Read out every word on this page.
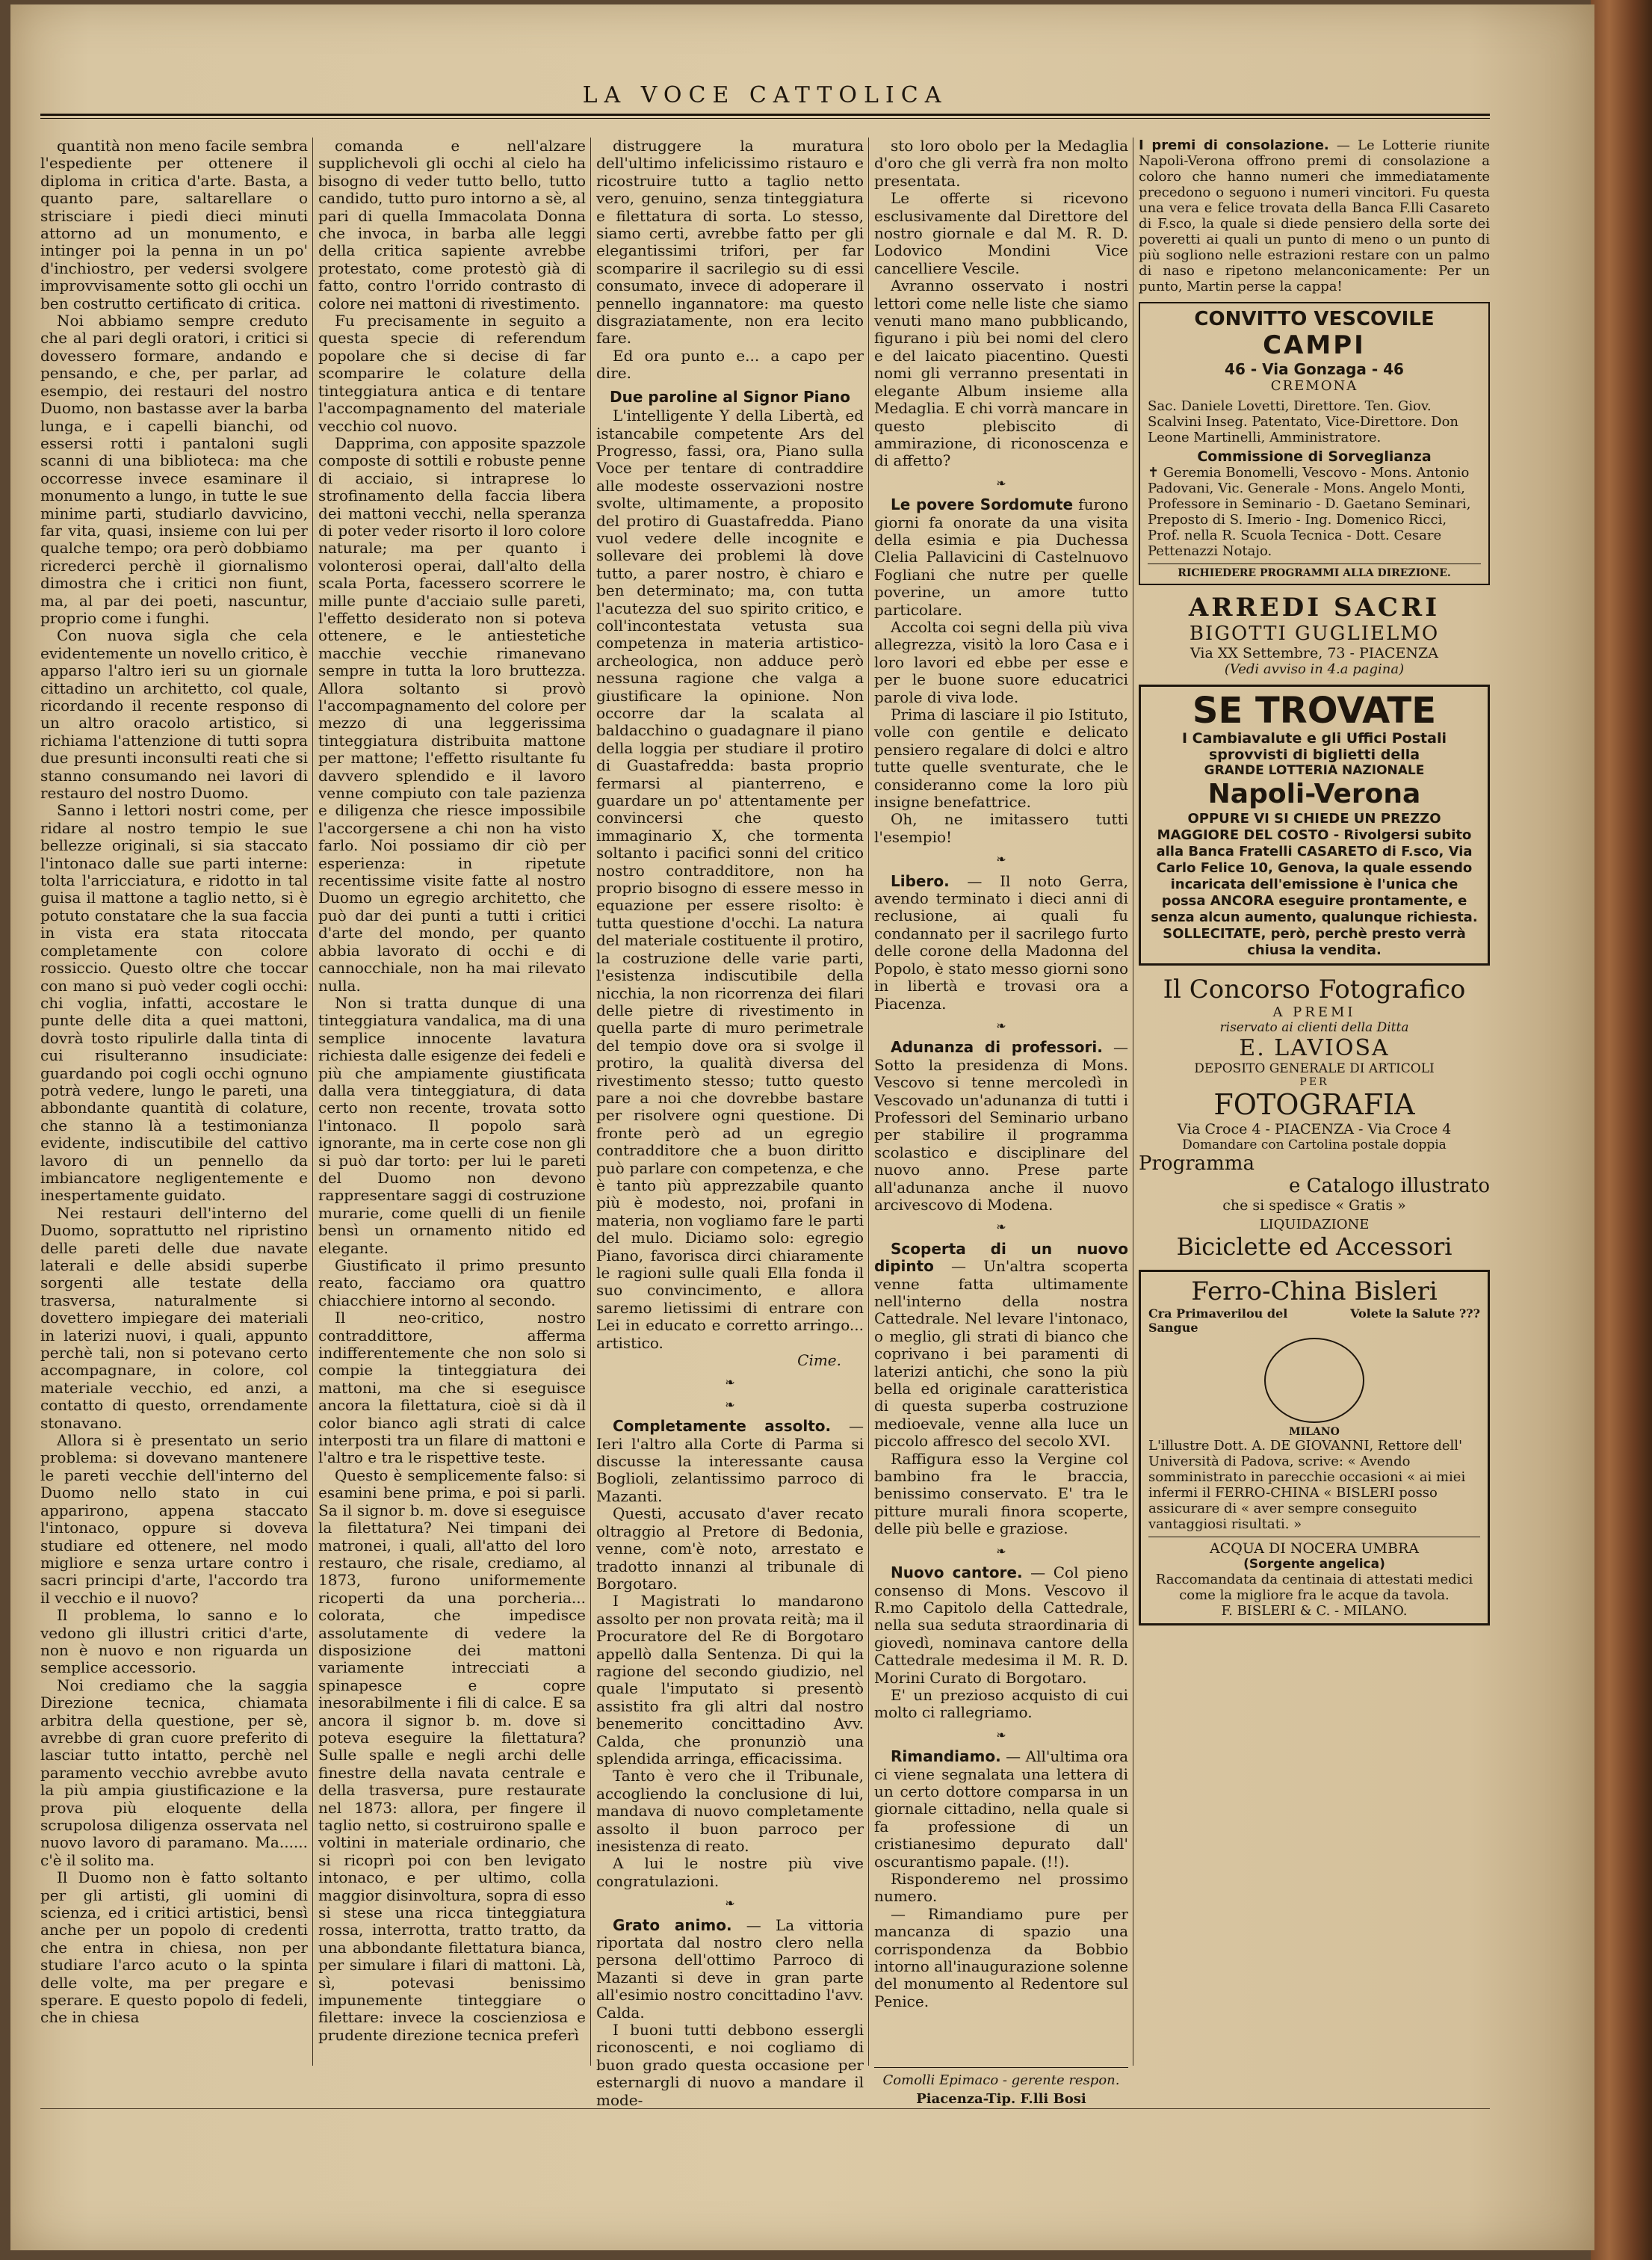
LA VOCE CATTOLICA

quantità non meno facile sembra l'espediente per ottenere il diploma in critica d'arte. Basta, a quanto pare, saltarellare o strisciare i piedi dieci minuti attorno ad un monumento, e intinger poi la penna in un po' d'inchiostro, per vedersi svolgere improvvisamente sotto gli occhi un ben costrutto certificato di critica.

Noi abbiamo sempre creduto che al pari degli oratori, i critici si dovessero formare, andando e pensando, e che, per parlar, ad esempio, dei restauri del nostro Duomo, non bastasse aver la barba lunga, e i capelli bianchi, od essersi rotti i pantaloni sugli scanni di una biblioteca: ma che occorresse invece esaminare il monumento a lungo, in tutte le sue minime parti, studiarlo davvicino, far vita, quasi, insieme con lui per qualche tempo; ora però dobbiamo ricrederci perchè il giornalismo dimostra che i critici non fiunt, ma, al par dei poeti, nascuntur, proprio come i funghi.

Con nuova sigla che cela evidentemente un novello critico, è apparso l'altro ieri su un giornale cittadino un architetto, col quale, ricordando il recente responso di un altro oracolo artistico, si richiama l'attenzione di tutti sopra due presunti inconsulti reati che si stanno consumando nei lavori di restauro del nostro Duomo.

Sanno i lettori nostri come, per ridare al nostro tempio le sue bellezze originali, si sia staccato l'intonaco dalle sue parti interne: tolta l'arricciatura, e ridotto in tal guisa il mattone a taglio netto, si è potuto constatare che la sua faccia in vista era stata ritoccata completamente con colore rossiccio. Questo oltre che toccar con mano si può veder cogli occhi: chi voglia, infatti, accostare le punte delle dita a quei mattoni, dovrà tosto ripulirle dalla tinta di cui risulteranno insudiciate: guardando poi cogli occhi ognuno potrà vedere, lungo le pareti, una abbondante quantità di colature, che stanno là a testimonianza evidente, indiscutibile del cattivo lavoro di un pennello da imbiancatore negligentemente e inespertamente guidato.

Nei restauri dell'interno del Duomo, soprattutto nel ripristino delle pareti delle due navate laterali e delle absidi superbe sorgenti alle testate della trasversa, naturalmente si dovettero impiegare dei materiali in laterizi nuovi, i quali, appunto perchè tali, non si potevano certo accompagnare, in colore, col materiale vecchio, ed anzi, a contatto di questo, orrendamente stonavano.

Allora si è presentato un serio problema: si dovevano mantenere le pareti vecchie dell'interno del Duomo nello stato in cui apparirono, appena staccato l'intonaco, oppure si doveva studiare ed ottenere, nel modo migliore e senza urtare contro i sacri principi d'arte, l'accordo tra il vecchio e il nuovo?

Il problema, lo sanno e lo vedono gli illustri critici d'arte, non è nuovo e non riguarda un semplice accessorio.

Noi crediamo che la saggia Direzione tecnica, chiamata arbitra della questione, per sè, avrebbe di gran cuore preferito di lasciar tutto intatto, perchè nel paramento vecchio avrebbe avuto la più ampia giustificazione e la prova più eloquente della scrupolosa diligenza osservata nel nuovo lavoro di paramano. Ma...... c'è il solito ma.

Il Duomo non è fatto soltanto per gli artisti, gli uomini di scienza, ed i critici artistici, bensì anche per un popolo di credenti che entra in chiesa, non per studiare l'arco acuto o la spinta delle volte, ma per pregare e sperare. E questo popolo di fedeli, che in chiesa

comanda e nell'alzare supplichevoli gli occhi al cielo ha bisogno di veder tutto bello, tutto candido, tutto puro intorno a sè, al pari di quella Immacolata Donna che invoca, in barba alle leggi della critica sapiente avrebbe protestato, come protestò già di fatto, contro l'orrido contrasto di colore nei mattoni di rivestimento.

Fu precisamente in seguito a questa specie di referendum popolare che si decise di far scomparire le colature della tinteggiatura antica e di tentare l'accompagnamento del materiale vecchio col nuovo.

Dapprima, con apposite spazzole composte di sottili e robuste penne di acciaio, si intraprese lo strofinamento della faccia libera dei mattoni vecchi, nella speranza di poter veder risorto il loro colore naturale; ma per quanto i volonterosi operai, dall'alto della scala Porta, facessero scorrere le mille punte d'acciaio sulle pareti, l'effetto desiderato non si poteva ottenere, e le antiestetiche macchie vecchie rimanevano sempre in tutta la loro bruttezza. Allora soltanto si provò l'accompagnamento del colore per mezzo di una leggerissima tinteggiatura distribuita mattone per mattone; l'effetto risultante fu davvero splendido e il lavoro venne compiuto con tale pazienza e diligenza che riesce impossibile l'accorgersene a chi non ha visto farlo. Noi possiamo dir ciò per esperienza: in ripetute recentissime visite fatte al nostro Duomo un egregio architetto, che può dar dei punti a tutti i critici d'arte del mondo, per quanto abbia lavorato di occhi e di cannocchiale, non ha mai rilevato nulla.

Non si tratta dunque di una tinteggiatura vandalica, ma di una semplice innocente lavatura richiesta dalle esigenze dei fedeli e più che ampiamente giustificata dalla vera tinteggiatura, di data certo non recente, trovata sotto l'intonaco. Il popolo sarà ignorante, ma in certe cose non gli si può dar torto: per lui le pareti del Duomo non devono rappresentare saggi di costruzione murarie, come quelli di un fienile bensì un ornamento nitido ed elegante.

Giustificato il primo presunto reato, facciamo ora quattro chiacchiere intorno al secondo.

Il neo-critico, nostro contraddittore, afferma indifferentemente che non solo si compie la tinteggiatura dei mattoni, ma che si eseguisce ancora la filettatura, cioè si dà il color bianco agli strati di calce interposti tra un filare di mattoni e l'altro e tra le rispettive teste.

Questo è semplicemente falso: si esamini bene prima, e poi si parli. Sa il signor b. m. dove si eseguisce la filettatura? Nei timpani dei matronei, i quali, all'atto del loro restauro, che risale, crediamo, al 1873, furono uniformemente ricoperti da una porcheria... colorata, che impedisce assolutamente di vedere la disposizione dei mattoni variamente intrecciati a spinapesce e copre inesorabilmente i fili di calce. E sa ancora il signor b. m. dove si poteva eseguire la filettatura? Sulle spalle e negli archi delle finestre della navata centrale e della trasversa, pure restaurate nel 1873: allora, per fingere il taglio netto, si costruirono spalle e voltini in materiale ordinario, che si ricoprì poi con ben levigato intonaco, e per ultimo, colla maggior disinvoltura, sopra di esso si stese una ricca tinteggiatura rossa, interrotta, tratto tratto, da una abbondante filettatura bianca, per simulare i filari di mattoni. Là, sì, potevasi benissimo impunemente tinteggiare o filettare: invece la coscienziosa e prudente direzione tecnica preferì

distruggere la muratura dell'ultimo infelicissimo ristauro e ricostruire tutto a taglio netto vero, genuino, senza tinteggiatura e filettatura di sorta. Lo stesso, siamo certi, avrebbe fatto per gli elegantissimi trifori, per far scomparire il sacrilegio su di essi consumato, invece di adoperare il pennello ingannatore: ma questo disgraziatamente, non era lecito fare.

Ed ora punto e... a capo per dire.

Due paroline al Signor Piano

L'intelligente Y della Libertà, ed istancabile competente Ars del Progresso, fassi, ora, Piano sulla Voce per tentare di contraddire alle modeste osservazioni nostre svolte, ultimamente, a proposito del protiro di Guastafredda. Piano vuol vedere delle incognite e sollevare dei problemi là dove tutto, a parer nostro, è chiaro e ben determinato; ma, con tutta l'acutezza del suo spirito critico, e coll'incontestata vetusta sua competenza in materia artistico-archeologica, non adduce però nessuna ragione che valga a giustificare la opinione. Non occorre dar la scalata al baldacchino o guadagnare il piano della loggia per studiare il protiro di Guastafredda: basta proprio fermarsi al pianterreno, e guardare un po' attentamente per convincersi che questo immaginario X, che tormenta soltanto i pacifici sonni del critico nostro contradditore, non ha proprio bisogno di essere messo in equazione per essere risolto: è tutta questione d'occhi. La natura del materiale costituente il protiro, la costruzione delle varie parti, l'esistenza indiscutibile della nicchia, la non ricorrenza dei filari delle pietre di rivestimento in quella parte di muro perimetrale del tempio dove ora si svolge il protiro, la qualità diversa del rivestimento stesso; tutto questo pare a noi che dovrebbe bastare per risolvere ogni questione. Di fronte però ad un egregio contradditore che a buon diritto può parlare con competenza, e che è tanto più apprezzabile quanto più è modesto, noi, profani in materia, non vogliamo fare le parti del mulo. Diciamo solo: egregio Piano, favorisca dirci chiaramente le ragioni sulle quali Ella fonda il suo convincimento, e allora saremo lietissimi di entrare con Lei in educato e corretto arringo... artistico.

Cime.

❧
❧

Completamente assolto. — Ieri l'altro alla Corte di Parma si discusse la interessante causa Boglioli, zelantissimo parroco di Mazanti.

Questi, accusato d'aver recato oltraggio al Pretore di Bedonia, venne, com'è noto, arrestato e tradotto innanzi al tribunale di Borgotaro.

I Magistrati lo mandarono assolto per non provata reità; ma il Procuratore del Re di Borgotaro appellò dalla Sentenza. Di qui la ragione del secondo giudizio, nel quale l'imputato si presentò assistito fra gli altri dal nostro benemerito concittadino Avv. Calda, che pronunziò una splendida arringa, efficacissima.

Tanto è vero che il Tribunale, accogliendo la conclusione di lui, mandava di nuovo completamente assolto il buon parroco per inesistenza di reato.

A lui le nostre più vive congratulazioni.

❧

Grato animo. — La vittoria riportata dal nostro clero nella persona dell'ottimo Parroco di Mazanti si deve in gran parte all'esimio nostro concittadino l'avv. Calda.

I buoni tutti debbono essergli riconoscenti, e noi cogliamo di buon grado questa occasione per esternargli di nuovo a mandare il mode-

sto loro obolo per la Medaglia d'oro che gli verrà fra non molto presentata.

Le offerte si ricevono esclusivamente dal Direttore del nostro giornale e dal M. R. D. Lodovico Mondini Vice cancelliere Vescile.

Avranno osservato i nostri lettori come nelle liste che siamo venuti mano mano pubblicando, figurano i più bei nomi del clero e del laicato piacentino. Questi nomi gli verranno presentati in elegante Album insieme alla Medaglia. E chi vorrà mancare in questo plebiscito di ammirazione, di riconoscenza e di affetto?

❧

Le povere Sordomute furono giorni fa onorate da una visita della esimia e pia Duchessa Clelia Pallavicini di Castelnuovo Fogliani che nutre per quelle poverine, un amore tutto particolare.

Accolta coi segni della più viva allegrezza, visitò la loro Casa e i loro lavori ed ebbe per esse e per le buone suore educatrici parole di viva lode.

Prima di lasciare il pio Istituto, volle con gentile e delicato pensiero regalare di dolci e altro tutte quelle sventurate, che le consideranno come la loro più insigne benefattrice.

Oh, ne imitassero tutti l'esempio!

❧

Libero. — Il noto Gerra, avendo terminato i dieci anni di reclusione, ai quali fu condannato per il sacrilego furto delle corone della Madonna del Popolo, è stato messo giorni sono in libertà e trovasi ora a Piacenza.

❧

Adunanza di professori. — Sotto la presidenza di Mons. Vescovo si tenne mercoledì in Vescovado un'adunanza di tutti i Professori del Seminario urbano per stabilire il programma scolastico e disciplinare del nuovo anno. Prese parte all'adunanza anche il nuovo arcivescovo di Modena.

❧

Scoperta di un nuovo dipinto — Un'altra scoperta venne fatta ultimamente nell'interno della nostra Cattedrale. Nel levare l'intonaco, o meglio, gli strati di bianco che coprivano i bei paramenti di laterizi antichi, che sono la più bella ed originale caratteristica di questa superba costruzione medioevale, venne alla luce un piccolo affresco del secolo XVI.

Raffigura esso la Vergine col bambino fra le braccia, benissimo conservato. E' tra le pitture murali finora scoperte, delle più belle e graziose.

❧

Nuovo cantore. — Col pieno consenso di Mons. Vescovo il R.mo Capitolo della Cattedrale, nella sua seduta straordinaria di giovedì, nominava cantore della Cattedrale medesima il M. R. D. Morini Curato di Borgotaro.

E' un prezioso acquisto di cui molto ci rallegriamo.

❧

Rimandiamo. — All'ultima ora ci viene segnalata una lettera di un certo dottore comparsa in un giornale cittadino, nella quale si fa professione di un cristianesimo depurato dall' oscurantismo papale. (!!).

Risponderemo nel prossimo numero.

— Rimandiamo pure per mancanza di spazio una corrispondenza da Bobbio intorno all'inaugurazione solenne del monumento al Redentore sul Penice.

Comolli Epimaco - gerente respon.
Piacenza-Tip. F.lli Bosi

I premi di consolazione. — Le Lotterie riunite Napoli-Verona offrono premi di consolazione a coloro che hanno numeri che immediatamente precedono o seguono i numeri vincitori. Fu questa una vera e felice trovata della Banca F.lli Casareto di F.sco, la quale si diede pensiero della sorte dei poveretti ai quali un punto di meno o un punto di più sogliono nelle estrazioni restare con un palmo di naso e ripetono melanconicamente: Per un punto, Martin perse la cappa!

CONVITTO VESCOVILE
CAMPI
46 - Via Gonzaga - 46
CREMONA
Sac. Daniele Lovetti, Direttore. Ten. Giov. Scalvini Inseg. Patentato, Vice-Direttore. Don Leone Martinelli, Amministratore.
Commissione di Sorveglianza
✝ Geremia Bonomelli, Vescovo - Mons. Antonio Padovani, Vic. Generale - Mons. Angelo Monti, Professore in Seminario - D. Gaetano Seminari, Preposto di S. Imerio - Ing. Domenico Ricci, Prof. nella R. Scuola Tecnica - Dott. Cesare Pettenazzi Notajo.
RICHIEDERE PROGRAMMI ALLA DIREZIONE.
ARREDI SACRI
BIGOTTI GUGLIELMO
Via XX Settembre, 73 - PIACENZA
(Vedi avviso in 4.a pagina)
SE TROVATE
I Cambiavalute e gli Uffici Postali sprovvisti di biglietti della
GRANDE LOTTERIA NAZIONALE
Napoli-Verona
OPPURE VI SI CHIEDE UN PREZZO MAGGIORE DEL COSTO - Rivolgersi subito alla Banca Fratelli CASARETO di F.sco, Via Carlo Felice 10, Genova, la quale essendo incaricata dell'emissione è l'unica che possa ANCORA eseguire prontamente, e senza alcun aumento, qualunque richiesta. SOLLECITATE, però, perchè presto verrà chiusa la vendita.
Il Concorso Fotografico
A PREMI
riservato ai clienti della Ditta
E. LAVIOSA
DEPOSITO GENERALE DI ARTICOLI
PER
FOTOGRAFIA
Via Croce 4 - PIACENZA - Via Croce 4
Domandare con Cartolina postale doppia
Programma
e Catalogo illustrato
che si spedisce « Gratis »
LIQUIDAZIONE
Biciclette ed Accessori
Ferro-China Bisleri
Cra Primaverilou del Sangue
Volete la Salute ???
MILANO
L'illustre Dott. A. DE GIOVANNI, Rettore dell' Università di Padova, scrive: « Avendo somministrato in parecchie occasioni « ai miei infermi il FERRO-CHINA « BISLERI posso assicurare di « aver sempre conseguito vantaggiosi risultati. »
ACQUA DI NOCERA UMBRA
(Sorgente angelica)
Raccomandata da centinaia di attestati medici come la migliore fra le acque da tavola.
F. BISLERI & C. - MILANO.
